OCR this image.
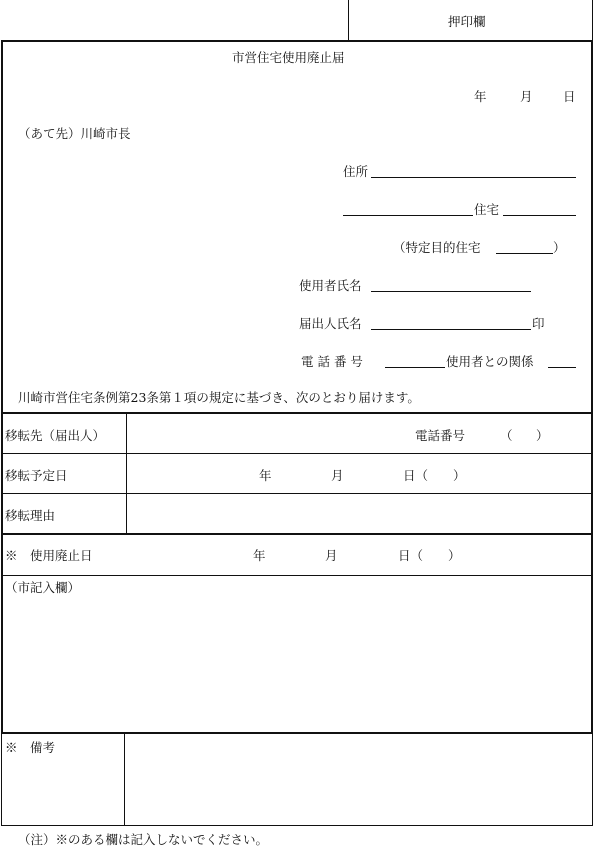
押印欄
市営住宅使用廃止届
年	月 日
（あて先）川崎市長
住所
住宅
（特定目的住宅	）
使用者氏名
届出人氏名	印
電 話 番 号	使用者との関係
川崎市営住宅条例第23条第１項の規定に基づき、次のとおり届けます。
移転先（届出人）	電話番号	（ ）
移転予定日	年	月	日（ ）
移転理由
※　使用廃止日	年	月	日（ ）
（市記入欄）
※　備考
（注）※のある欄は記入しないでください。
